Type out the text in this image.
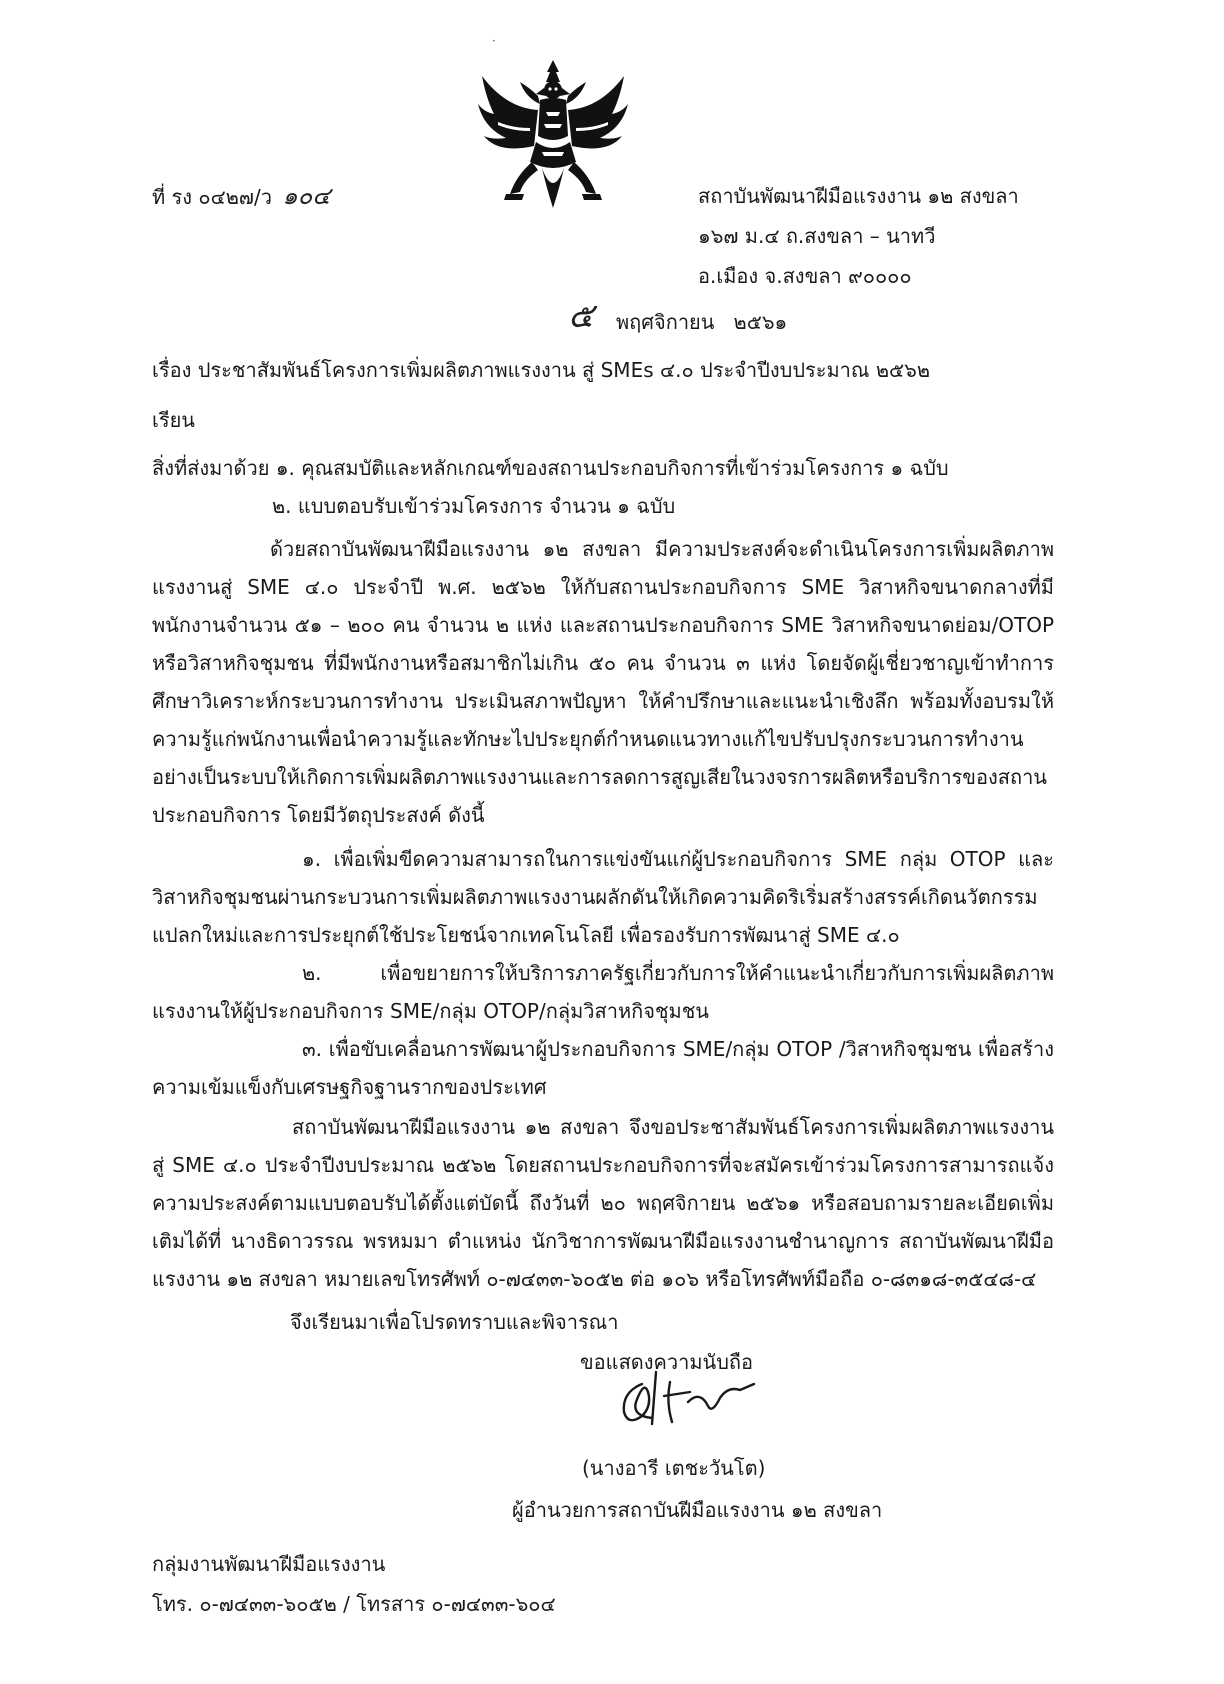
·
ที่ รง ๐๔๒๗/ว ๑๐๔	สถาบันพัฒนาฝีมือแรงงาน ๑๒ สงขลา
๑๖๗ ม.๔ ถ.สงขลา – นาทวี
อ.เมือง จ.สงขลา ๙๐๐๐๐
๕ พฤศจิกายน   ๒๕๖๑
เรื่อง ประชาสัมพันธ์โครงการเพิ่มผลิตภาพแรงงาน สู่ SMEs ๔.๐ ประจำปีงบประมาณ ๒๕๖๒
เรียน
สิ่งที่ส่งมาด้วย ๑. คุณสมบัติและหลักเกณฑ์ของสถานประกอบกิจการที่เข้าร่วมโครงการ ๑ ฉบับ
๒. แบบตอบรับเข้าร่วมโครงการ จำนวน ๑ ฉบับ
ด้วยสถาบันพัฒนาฝีมือแรงงาน ๑๒ สงขลา มีความประสงค์จะดำเนินโครงการเพิ่มผลิตภาพแรงงานสู่ SME ๔.๐ ประจำปี พ.ศ. ๒๕๖๒ ให้กับสถานประกอบกิจการ SME วิสาหกิจขนาดกลางที่มีพนักงานจำนวน ๕๑ – ๒๐๐ คน จำนวน ๒ แห่ง และสถานประกอบกิจการ SME วิสาหกิจขนาดย่อม/OTOP หรือวิสาหกิจชุมชน ที่มีพนักงานหรือสมาชิกไม่เกิน ๕๐ คน จำนวน ๓ แห่ง โดยจัดผู้เชี่ยวชาญเข้าทำการศึกษาวิเคราะห์กระบวนการทำงาน ประเมินสภาพปัญหา ให้คำปรึกษาและแนะนำเชิงลึก พร้อมทั้งอบรมให้ความรู้แก่พนักงานเพื่อนำความรู้และทักษะไปประยุกต์กำหนดแนวทางแก้ไขปรับปรุงกระบวนการทำงานอย่างเป็นระบบให้เกิดการเพิ่มผลิตภาพแรงงานและการลดการสูญเสียในวงจรการผลิตหรือบริการของสถานประกอบกิจการ โดยมีวัตถุประสงค์ ดังนี้
๑. เพื่อเพิ่มขีดความสามารถในการแข่งขันแก่ผู้ประกอบกิจการ SME กลุ่ม OTOP และวิสาหกิจชุมชนผ่านกระบวนการเพิ่มผลิตภาพแรงงานผลักดันให้เกิดความคิดริเริ่มสร้างสรรค์เกิดนวัตกรรมแปลกใหม่และการประยุกต์ใช้ประโยชน์จากเทคโนโลยี เพื่อรองรับการพัฒนาสู่ SME ๔.๐
๒. เพื่อขยายการให้บริการภาครัฐเกี่ยวกับการให้คำแนะนำเกี่ยวกับการเพิ่มผลิตภาพแรงงานให้ผู้ประกอบกิจการ SME/กลุ่ม OTOP/กลุ่มวิสาหกิจชุมชน
๓. เพื่อขับเคลื่อนการพัฒนาผู้ประกอบกิจการ SME/กลุ่ม OTOP /วิสาหกิจชุมชน เพื่อสร้างความเข้มแข็งกับเศรษฐกิจฐานรากของประเทศ
สถาบันพัฒนาฝีมือแรงงาน ๑๒ สงขลา จึงขอประชาสัมพันธ์โครงการเพิ่มผลิตภาพแรงงานสู่ SME ๔.๐ ประจำปีงบประมาณ ๒๕๖๒ โดยสถานประกอบกิจการที่จะสมัครเข้าร่วมโครงการสามารถแจ้งความประสงค์ตามแบบตอบรับได้ตั้งแต่บัดนี้ ถึงวันที่ ๒๐ พฤศจิกายน ๒๕๖๑ หรือสอบถามรายละเอียดเพิ่มเติมได้ที่ นางธิดาวรรณ พรหมมา ตำแหน่ง นักวิชาการพัฒนาฝีมือแรงงานชำนาญการ สถาบันพัฒนาฝีมือแรงงาน ๑๒ สงขลา หมายเลขโทรศัพท์ ๐-๗๔๓๓-๖๐๕๒ ต่อ ๑๐๖ หรือโทรศัพท์มือถือ ๐-๘๓๑๘-๓๕๔๘-๔
จึงเรียนมาเพื่อโปรดทราบและพิจารณา
ขอแสดงความนับถือ
(นางอารี เตชะวันโต)
ผู้อำนวยการสถาบันฝีมือแรงงาน ๑๒ สงขลา
กลุ่มงานพัฒนาฝีมือแรงงาน
โทร. ๐-๗๔๓๓-๖๐๕๒ / โทรสาร ๐-๗๔๓๓-๖๐๔
